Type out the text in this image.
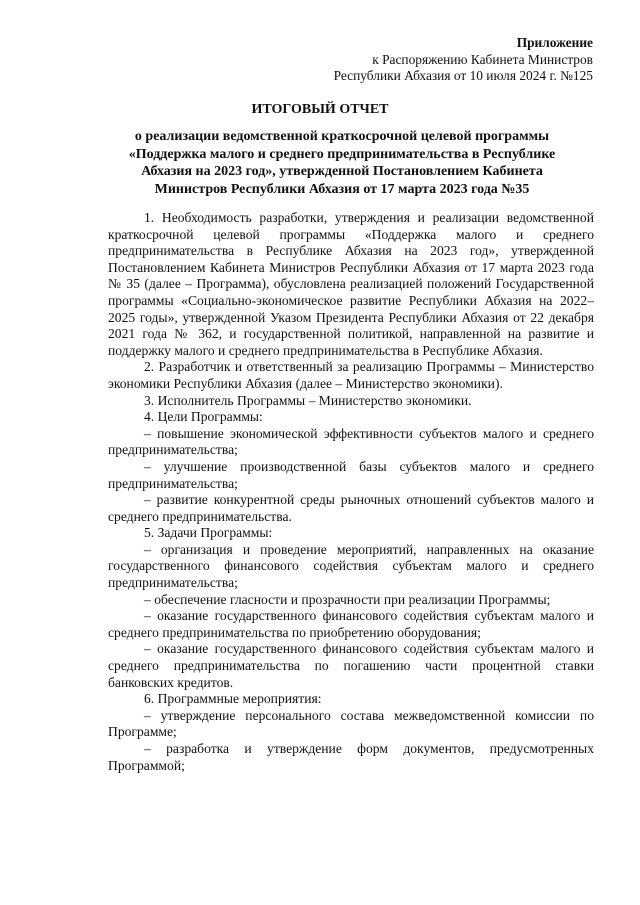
Приложение
к Распоряжению Кабинета Министров
Республики Абхазия от 10 июля 2024 г. №125
ИТОГОВЫЙ ОТЧЕТ
о реализации ведомственной краткосрочной целевой программы «Поддержка малого и среднего предпринимательства в Республике Абхазия на 2023 год», утвержденной Постановлением Кабинета Министров Республики Абхазия от 17 марта 2023 года №35

1. Необходимость разработки, утверждения и реализации ведомственной краткосрочной целевой программы «Поддержка малого и среднего предпринимательства в Республике Абхазия на 2023 год», утвержденной Постановлением Кабинета Министров Республики Абхазия от 17 марта 2023 года № 35 (далее – Программа), обусловлена реализацией положений Государственной программы «Социально-экономическое развитие Республики Абхазия на 2022–2025 годы», утвержденной Указом Президента Республики Абхазия от 22 декабря 2021 года № 362, и государственной политикой, направленной на развитие и поддержку малого и среднего предпринимательства в Республике Абхазия.

2. Разработчик и ответственный за реализацию Программы – Министерство экономики Республики Абхазия (далее – Министерство экономики).

3. Исполнитель Программы – Министерство экономики.

4. Цели Программы:

– повышение экономической эффективности субъектов малого и среднего предпринимательства;

– улучшение производственной базы субъектов малого и среднего предпринимательства;

– развитие конкурентной среды рыночных отношений субъектов малого и среднего предпринимательства.

5. Задачи Программы:

– организация и проведение мероприятий, направленных на оказание государственного финансового содействия субъектам малого и среднего предпринимательства;

– обеспечение гласности и прозрачности при реализации Программы;

– оказание государственного финансового содействия субъектам малого и среднего предпринимательства по приобретению оборудования;

– оказание государственного финансового содействия субъектам малого и среднего предпринимательства по погашению части процентной ставки банковских кредитов.

6. Программные мероприятия:

– утверждение персонального состава межведомственной комиссии по Программе;

– разработка и утверждение форм документов, предусмотренных Программой;
